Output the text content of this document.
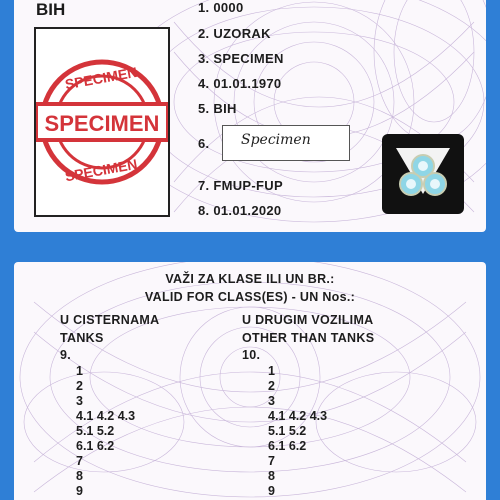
BIH
SPECIMEN
SPECIMEN
SPECIMEN
1. 0000
2. UZORAK
3. SPECIMEN
4. 01.01.1970
5. BIH
6. Specimen
7. FMUP-FUP
8. 01.01.2020
VAŽI ZA KLASE ILI UN BR.:
VALID FOR CLASS(ES) - UN Nos.:
U CISTERNAMA
TANKS
9.
U DRUGIM VOZILIMA
OTHER THAN TANKS
10.
1
2
3
4.1 4.2 4.3
5.1 5.2
6.1 6.2
7
8
9
1
2
3
4.1 4.2 4.3
5.1 5.2
6.1 6.2
7
8
9
